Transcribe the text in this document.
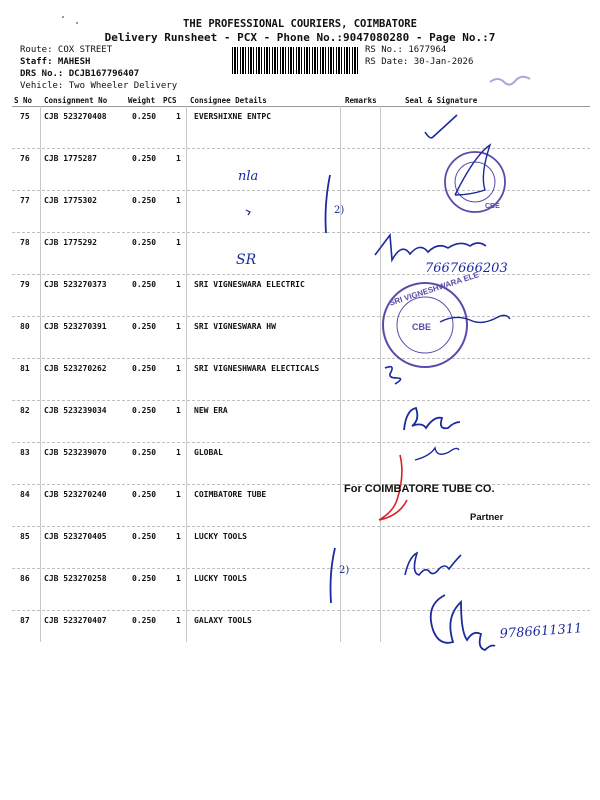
THE PROFESSIONAL COURIERS, COIMBATORE
Delivery Runsheet - PCX - Phone No.:9047080280 - Page No.:7
Route: COX STREET
Staff: MAHESH
DRS No.: DCJB167796407
Vehicle: Two Wheeler Delivery
RS No.: 1677964
RS Date: 30-Jan-2026
S No Consignment No	Weight PCS Consignee Details	Remarks	Seal & Signature
75 CJB 523270408	0.250 1 EVERSHIXNE ENTPC
76 CJB 1775287	0.250 1
77 CJB 1775302	0.250 1
78 CJB 1775292	0.250 1
79 CJB 523270373	0.250 1 SRI VIGNESWARA ELECTRIC
80 CJB 523270391	0.250 1 SRI VIGNESWARA HW
81 CJB 523270262	0.250 1 SRI VIGNESHWARA ELECTICALS
82 CJB 523239034	0.250 1 NEW ERA
83 CJB 523239070	0.250 1 GLOBAL
84 CJB 523270240	0.250 1 COIMBATORE TUBE
85 CJB 523270405	0.250 1 LUCKY TOOLS
86 CJB 523270258	0.250 1 LUCKY TOOLS
87 CJB 523270407	0.250 1 GALAXY TOOLS
CBE
nla
2)
SR
7667666203
SRI VIGNESHWARA ELE
CBE
For COIMBATORE TUBE CO.
Partner
2)
9786611311
